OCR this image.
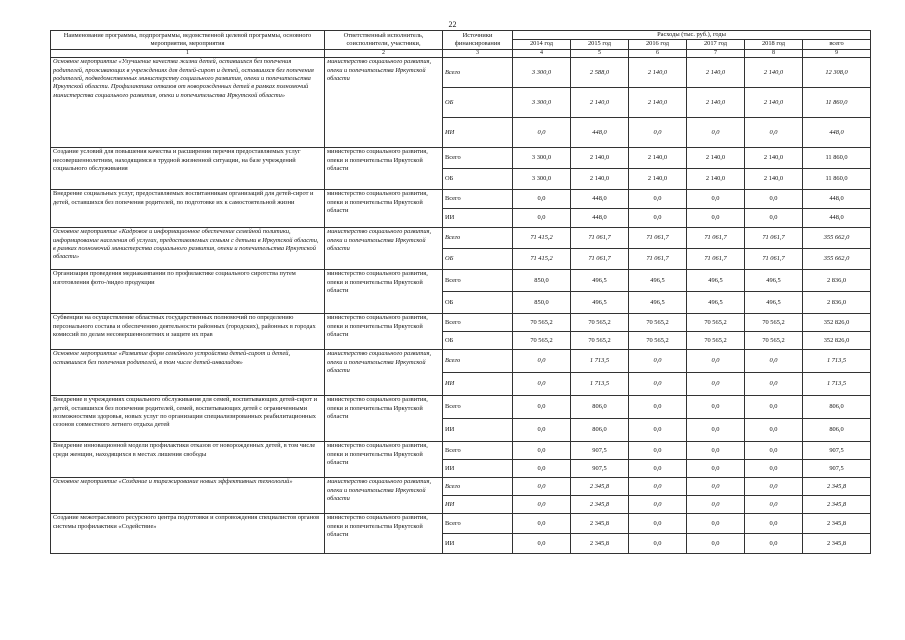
22
Наименование программы, подпрограммы, ведомственной целевой программы, основного мероприятия, мероприятия	Ответственный исполнитель, соисполнители, участники,	Источники финансирования	Расходы (тыс. руб.), годы					
			2014 год	2015 год	2016 год	2017 год	2018 год	всего
1	2	3	4	5	6	7	8	9
Основное мероприятие «Улучшение качества жизни детей, оставшихся без попечения родителей, проживающих в учреждениях для детей-сирот и детей, оставшихся без попечения родителей, подведомственных министерству социального развития, опеки и попечительства Иркутской области. Профилактика отказов от новорожденных детей в рамках полномочий министерства социального развития, опеки и попечительства Иркутской области»	министерство социального развития, опеки и попечительства Иркутской области	Всего	3 300,0	2 588,0	2 140,0	2 140,0	2 140,0	12 308,0
		ОБ	3 300,0	2 140,0	2 140,0	2 140,0	2 140,0	11 860,0
		ИИ	0,0	448,0	0,0	0,0	0,0	448,0
Создание условий для повышения качества и расширения перечня предоставляемых услуг несовершеннолетним, находящимся в трудной жизненной ситуации, на базе учреждений социального обслуживания	министерство социального развития, опеки и попечительства Иркутской области	Всего	3 300,0	2 140,0	2 140,0	2 140,0	2 140,0	11 860,0
		ОБ	3 300,0	2 140,0	2 140,0	2 140,0	2 140,0	11 860,0
Внедрение социальных услуг, предоставляемых воспитанникам организаций для детей-сирот и детей, оставшихся без попечения родителей, по подготовке их к самостоятельной жизни	министерство социального развития, опеки и попечительства Иркутской области	Всего	0,0	448,0	0,0	0,0	0,0	448,0
		ИИ	0,0	448,0	0,0	0,0	0,0	448,0
Основное мероприятие «Кадровое и информационное обеспечение семейной политики, информирование населения об услугах, предоставляемых семьям с детьми в Иркутской области, в рамках полномочий министерства социального развития, опеки и попечительства Иркутской области»	министерство социального развития, опеки и попечительства Иркутской области	Всего	71 415,2	71 061,7	71 061,7	71 061,7	71 061,7	355 662,0
		ОБ	71 415,2	71 061,7	71 061,7	71 061,7	71 061,7	355 662,0
Организация проведения медиакампании по профилактике социального сиротства путем изготовления фото-/видео продукции	министерство социального развития, опеки и попечительства Иркутской области	Всего	850,0	496,5	496,5	496,5	496,5	2 836,0
		ОБ	850,0	496,5	496,5	496,5	496,5	2 836,0
Субвенции на осуществление областных государственных полномочий по определению персонального состава и обеспечению деятельности районных (городских), районных в городах комиссий по делам несовершеннолетних и защите их прав	министерство социального развития, опеки и попечительства Иркутской области	Всего	70 565,2	70 565,2	70 565,2	70 565,2	70 565,2	352 826,0
		ОБ	70 565,2	70 565,2	70 565,2	70 565,2	70 565,2	352 826,0
Основное мероприятие «Развитие форм семейного устройства детей-сирот и детей, оставшихся без попечения родителей, в том числе детей-инвалидов»	министерство социального развития, опеки и попечительства Иркутской области	Всего	0,0	1 713,5	0,0	0,0	0,0	1 713,5
		ИИ	0,0	1 713,5	0,0	0,0	0,0	1 713,5
Внедрение в учреждениях социального обслуживания для семей, воспитывающих детей-сирот и детей, оставшихся без попечения родителей, семей, воспитывающих детей с ограниченными возможностями здоровья, новых услуг по организации специализированных реабилитационных сезонов совместного летнего отдыха детей	министерство социального развития, опеки и попечительства Иркутской области	Всего	0,0	806,0	0,0	0,0	0,0	806,0
		ИИ	0,0	806,0	0,0	0,0	0,0	806,0
Внедрение инновационной модели профилактики отказов от новорожденных детей, в том числе среди женщин, находящихся в местах лишения свободы	министерство социального развития, опеки и попечительства Иркутской области	Всего	0,0	907,5	0,0	0,0	0,0	907,5
		ИИ	0,0	907,5	0,0	0,0	0,0	907,5
Основное мероприятие «Создание и тиражирование новых эффективных технологий»	министерство социального развития, опеки и попечительства Иркутской области	Всего	0,0	2 345,8	0,0	0,0	0,0	2 345,8
		ИИ	0,0	2 345,8	0,0	0,0	0,0	2 345,8
Создание межотраслевого ресурсного центра подготовки и сопровождения специалистов органов системы профилактики «Содействие»	министерство социального развития, опеки и попечительства Иркутской области	Всего	0,0	2 345,8	0,0	0,0	0,0	2 345,8
		ИИ	0,0	2 345,8	0,0	0,0	0,0	2 345,8
